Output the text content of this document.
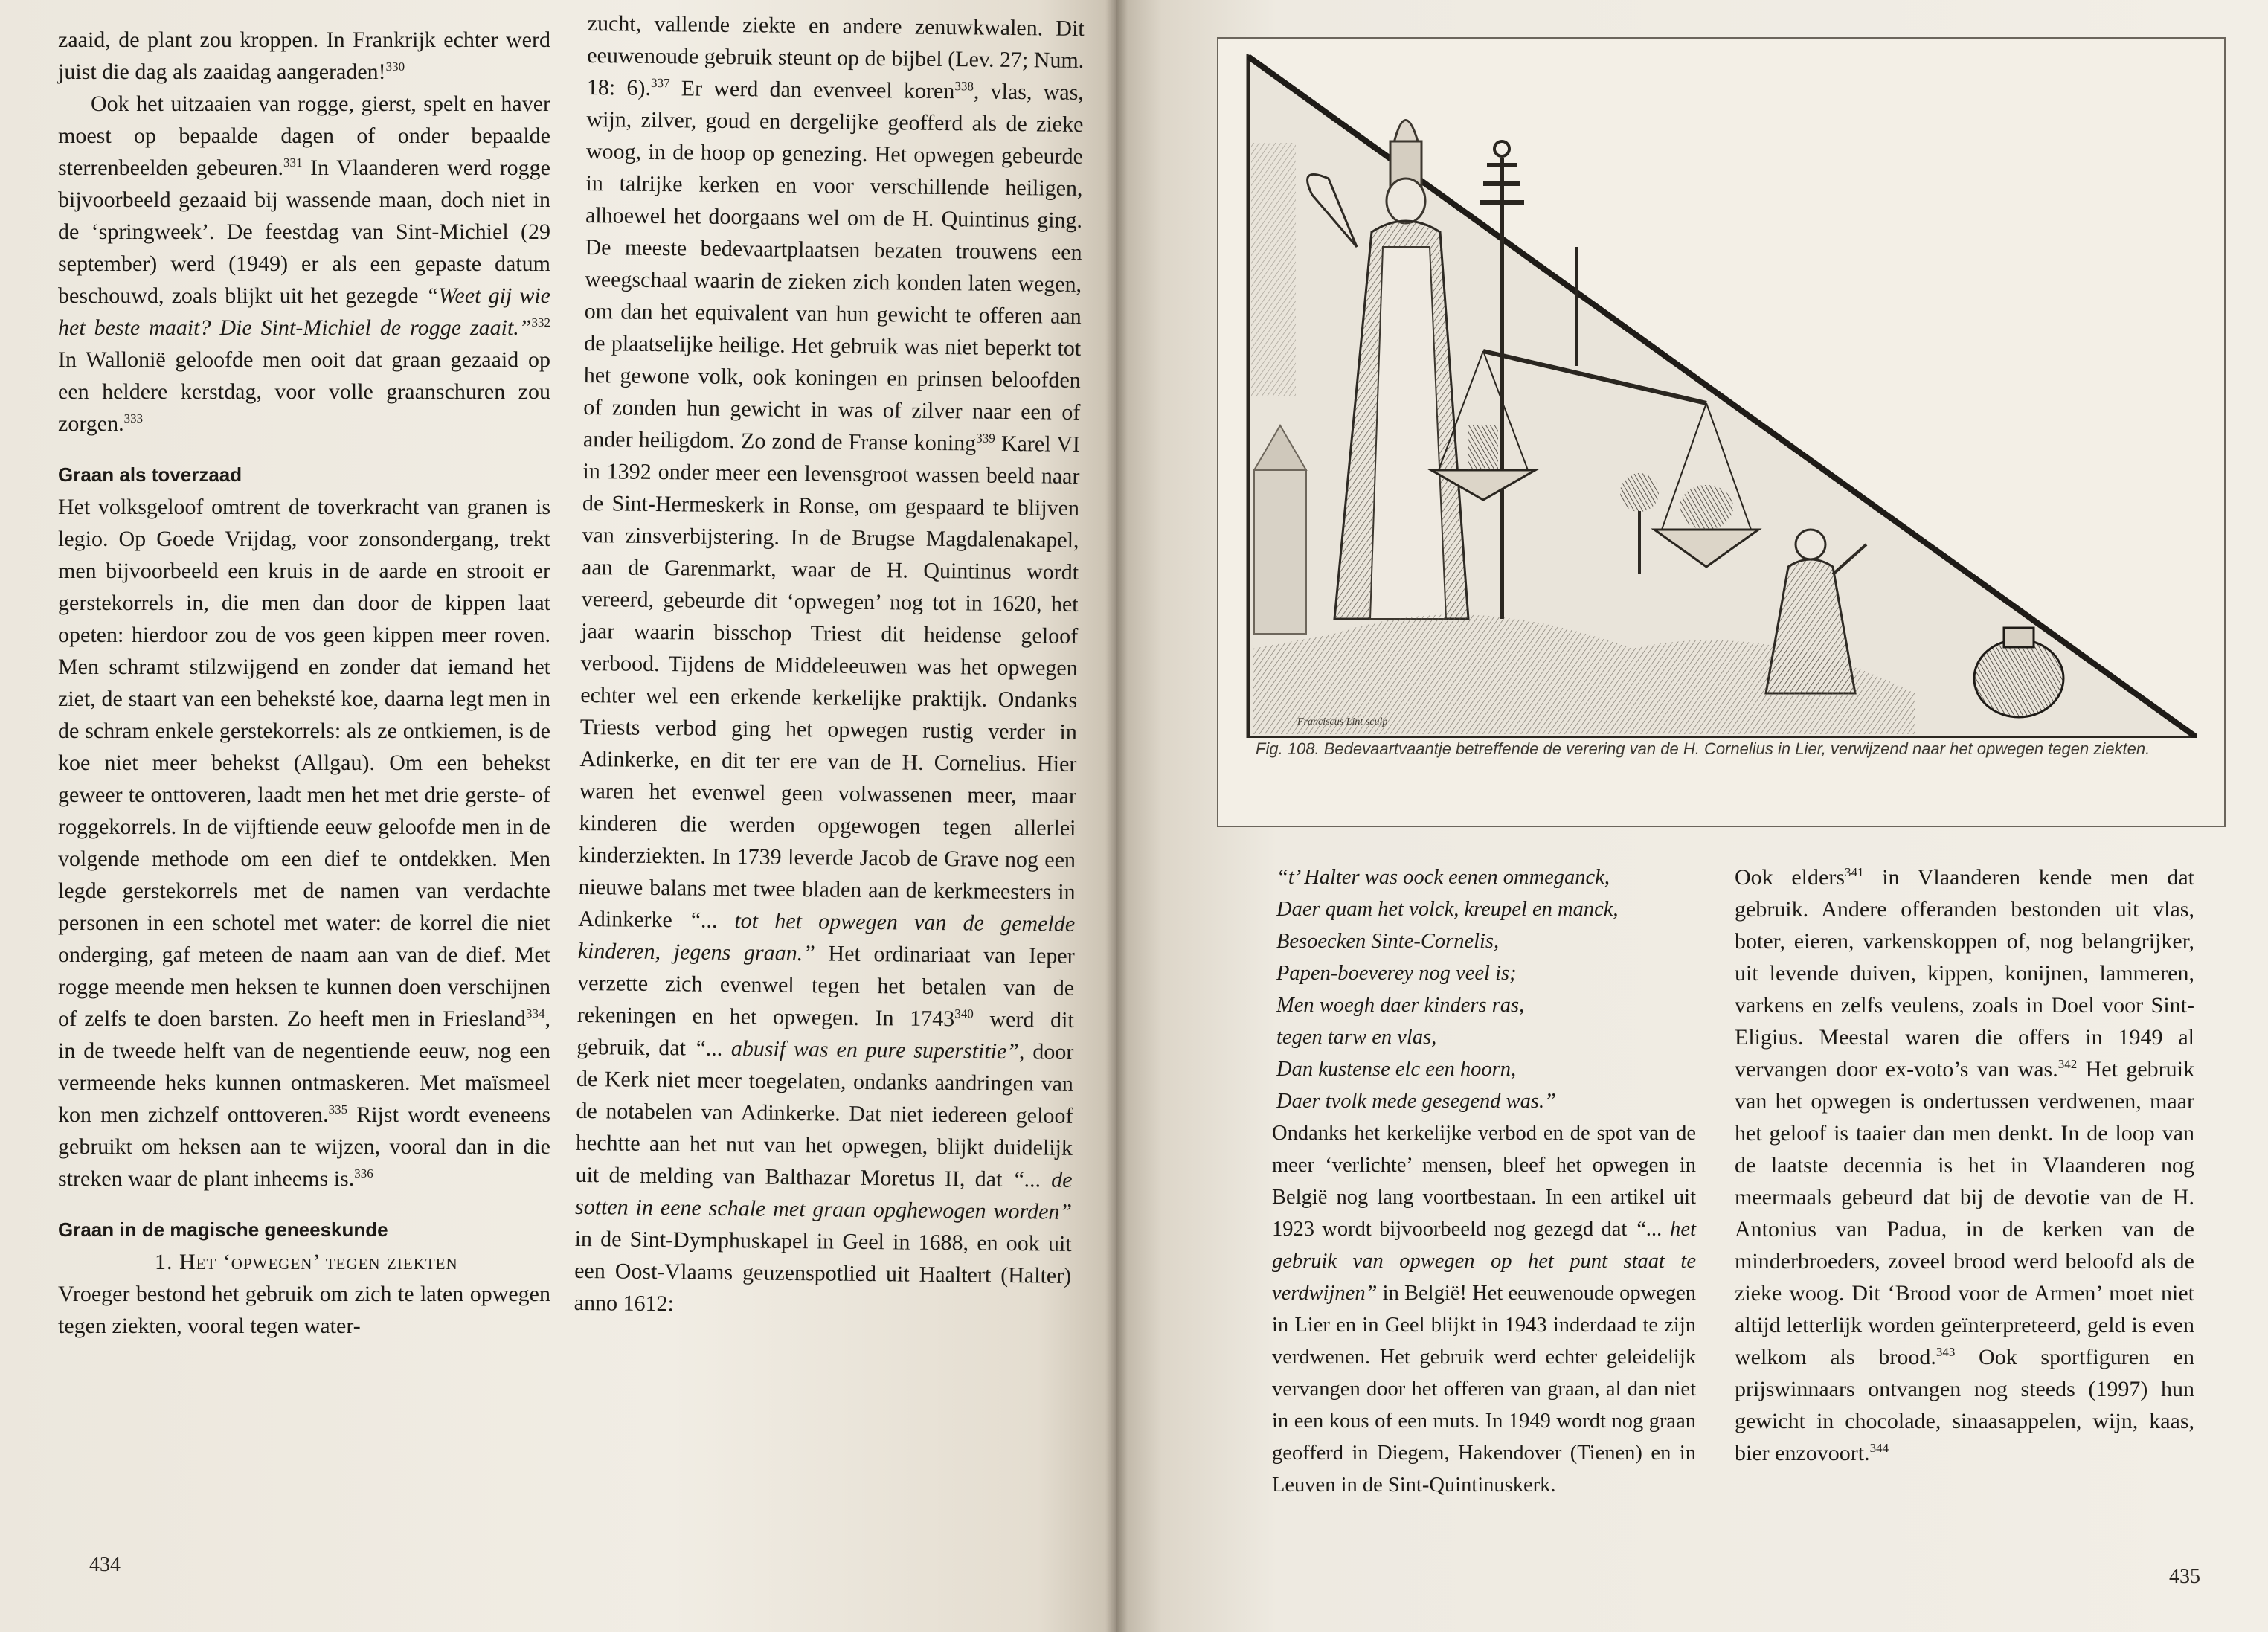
zaaid, de plant zou kroppen. In Frankrijk echter werd juist die dag als zaaidag aangeraden!$^{330}$

Ook het uitzaaien van rogge, gierst, spelt en haver moest op bepaalde dagen of onder bepaalde sterrenbeelden gebeuren.$^{331}$ In Vlaanderen werd rogge bijvoorbeeld gezaaid bij wassende maan, doch niet in de ‘springweek’. De feestdag van Sint-Michiel (29 september) werd (1949) er als een gepaste datum beschouwd, zoals blijkt uit het gezegde “Weet gij wie het beste maait? Die Sint-Michiel de rogge zaait.”$^{332}$ In Wallonië geloofde men ooit dat graan gezaaid op een heldere kerstdag, voor volle graanschuren zou zorgen.$^{333}$

Graan als toverzaad

Het volksgeloof omtrent de toverkracht van granen is legio. Op Goede Vrijdag, voor zonsondergang, trekt men bijvoorbeeld een kruis in de aarde en strooit er gerstekorrels in, die men dan door de kippen laat opeten: hierdoor zou de vos geen kippen meer roven. Men schramt stilzwijgend en zonder dat iemand het ziet, de staart van een beheksté koe, daarna legt men in de schram enkele gerstekorrels: als ze ontkiemen, is de koe niet meer behekst (Allgau). Om een behekst geweer te onttoveren, laadt men het met drie gerste- of roggekorrels. In de vijftiende eeuw geloofde men in de volgende methode om een dief te ontdekken. Men legde gerstekorrels met de namen van verdachte personen in een schotel met water: de korrel die niet onderging, gaf meteen de naam aan van de dief. Met rogge meende men heksen te kunnen doen verschijnen of zelfs te doen barsten. Zo heeft men in Friesland$^{334}$, in de tweede helft van de negentiende eeuw, nog een vermeende heks kunnen ontmaskeren. Met maïsmeel kon men zichzelf onttoveren.$^{335}$ Rijst wordt eveneens gebruikt om heksen aan te wijzen, vooral dan in die streken waar de plant inheems is.$^{336}$

Graan in de magische geneeskunde

1. Het ‘opwegen’ tegen ziekten

Vroeger bestond het gebruik om zich te laten opwegen tegen ziekten, vooral tegen water-

zucht, vallende ziekte en andere zenuwkwalen. Dit eeuwenoude gebruik steunt op de bijbel (Lev. 27; Num. 18: 6).$^{337}$ Er werd dan evenveel koren$^{338}$, vlas, was, wijn, zilver, goud en dergelijke geofferd als de zieke woog, in de hoop op genezing. Het opwegen gebeurde in talrijke kerken en voor verschillende heiligen, alhoewel het doorgaans wel om de H. Quintinus ging. De meeste bedevaartplaatsen bezaten trouwens een weegschaal waarin de zieken zich konden laten wegen, om dan het equivalent van hun gewicht te offeren aan de plaatselijke heilige. Het gebruik was niet beperkt tot het gewone volk, ook koningen en prinsen beloofden of zonden hun gewicht in was of zilver naar een of ander heiligdom. Zo zond de Franse koning$^{339}$ Karel VI in 1392 onder meer een levensgroot wassen beeld naar de Sint-Hermeskerk in Ronse, om gespaard te blijven van zinsverbijstering. In de Brugse Magdalenakapel, aan de Garenmarkt, waar de H. Quintinus wordt vereerd, gebeurde dit ‘opwegen’ nog tot in 1620, het jaar waarin bisschop Triest dit heidense geloof verbood. Tijdens de Middeleeuwen was het opwegen echter wel een erkende kerkelijke praktijk. Ondanks Triests verbod ging het opwegen rustig verder in Adinkerke, en dit ter ere van de H. Cornelius. Hier waren het evenwel geen volwassenen meer, maar kinderen die werden opgewogen tegen allerlei kinderziekten. In 1739 leverde Jacob de Grave nog een nieuwe balans met twee bladen aan de kerkmeesters in Adinkerke “... tot het opwegen van de gemelde kinderen, jegens graan.” Het ordinariaat van Ieper verzette zich evenwel tegen het betalen van de rekeningen en het opwegen. In 1743$^{340}$ werd dit gebruik, dat “... abusif was en pure superstitie”, door de Kerk niet meer toegelaten, ondanks aandringen van de notabelen van Adinkerke. Dat niet iedereen geloof hechtte aan het nut van het opwegen, blijkt duidelijk uit de melding van Balthazar Moretus II, dat “... de sotten in eene schale met graan opghewogen worden” in de Sint-Dymphuskapel in Geel in 1688, en ook uit een Oost-Vlaams geuzenspotlied uit Haaltert (Halter) anno 1612:

434
Franciscus Lint sculp
Fig. 108. Bedevaartvaantje betreffende de verering van de H. Cornelius in Lier, verwijzend naar het opwegen tegen ziekten.
“t’ Halter was oock eenen ommeganck,
Daer quam het volck, kreupel en manck,
Besoecken Sinte-Cornelis,
Papen-boeverey nog veel is;
Men woegh daer kinders ras,
tegen tarw en vlas,
Dan kustense elc een hoorn,
Daer tvolk mede gesegend was.”

Ondanks het kerkelijke verbod en de spot van de meer ‘verlichte’ mensen, bleef het opwegen in België nog lang voortbestaan. In een artikel uit 1923 wordt bijvoorbeeld nog gezegd dat “... het gebruik van opwegen op het punt staat te verdwijnen” in België! Het eeuwenoude opwegen in Lier en in Geel blijkt in 1943 inderdaad te zijn verdwenen. Het gebruik werd echter geleidelijk vervangen door het offeren van graan, al dan niet in een kous of een muts. In 1949 wordt nog graan geofferd in Diegem, Hakendover (Tienen) en in Leuven in de Sint-Quintinuskerk.

Ook elders$^{341}$ in Vlaanderen kende men dat gebruik. Andere offeranden bestonden uit vlas, boter, eieren, varkenskoppen of, nog belangrijker, uit levende duiven, kippen, konijnen, lammeren, varkens en zelfs veulens, zoals in Doel voor Sint-Eligius. Meestal waren die offers in 1949 al vervangen door ex-voto’s van was.$^{342}$ Het gebruik van het opwegen is ondertussen verdwenen, maar het geloof is taaier dan men denkt. In de loop van de laatste decennia is het in Vlaanderen nog meermaals gebeurd dat bij de devotie van de H. Antonius van Padua, in de kerken van de minderbroeders, zoveel brood werd beloofd als de zieke woog. Dit ‘Brood voor de Armen’ moet niet altijd letterlijk worden geïnterpreteerd, geld is even welkom als brood.$^{343}$ Ook sportfiguren en prijswinnaars ontvangen nog steeds (1997) hun gewicht in chocolade, sinaasappelen, wijn, kaas, bier enzovoort.$^{344}$

435
